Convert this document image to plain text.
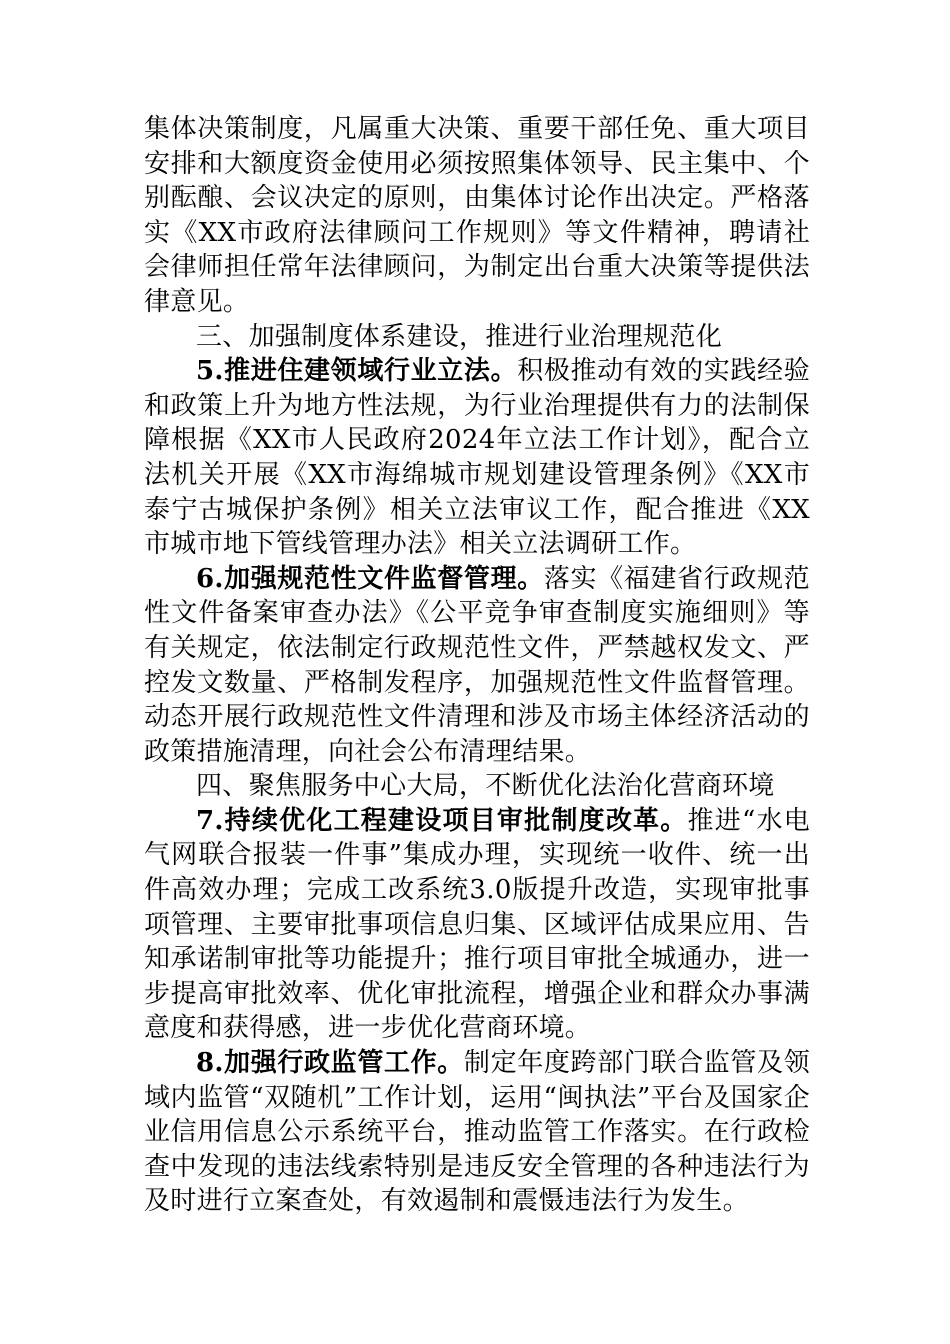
集体决策制度，凡属重大决策、重要干部任免、重大项目安排和大额度资金使用必须按照集体领导、民主集中、个别酝酿、会议决定的原则，由集体讨论作出决定。严格落实《XX市政府法律顾问工作规则》等文件精神，聘请社会律师担任常年法律顾问，为制定出台重大决策等提供法律意见。

三、加强制度体系建设，推进行业治理规范化

5.推进住建领域行业立法。积极推动有效的实践经验和政策上升为地方性法规，为行业治理提供有力的法制保障根据《XX市人民政府2024年立法工作计划》，配合立法机关开展《XX市海绵城市规划建设管理条例》《XX市泰宁古城保护条例》相关立法审议工作，配合推进《XX市城市地下管线管理办法》相关立法调研工作。

6.加强规范性文件监督管理。落实《福建省行政规范性文件备案审查办法》《公平竞争审查制度实施细则》等有关规定，依法制定行政规范性文件，严禁越权发文、严控发文数量、严格制发程序，加强规范性文件监督管理。动态开展行政规范性文件清理和涉及市场主体经济活动的政策措施清理，向社会公布清理结果。

四、聚焦服务中心大局，不断优化法治化营商环境

7.持续优化工程建设项目审批制度改革。推进“水电气网联合报装一件事”集成办理，实现统一收件、统一出件高效办理；完成工改系统3.0版提升改造，实现审批事项管理、主要审批事项信息归集、区域评估成果应用、告知承诺制审批等功能提升；推行项目审批全城通办，进一步提高审批效率、优化审批流程，增强企业和群众办事满意度和获得感，进一步优化营商环境。

8.加强行政监管工作。制定年度跨部门联合监管及领域内监管“双随机”工作计划，运用“闽执法”平台及国家企业信用信息公示系统平台，推动监管工作落实。在行政检查中发现的违法线索特别是违反安全管理的各种违法行为及时进行立案查处，有效遏制和震慑违法行为发生。
